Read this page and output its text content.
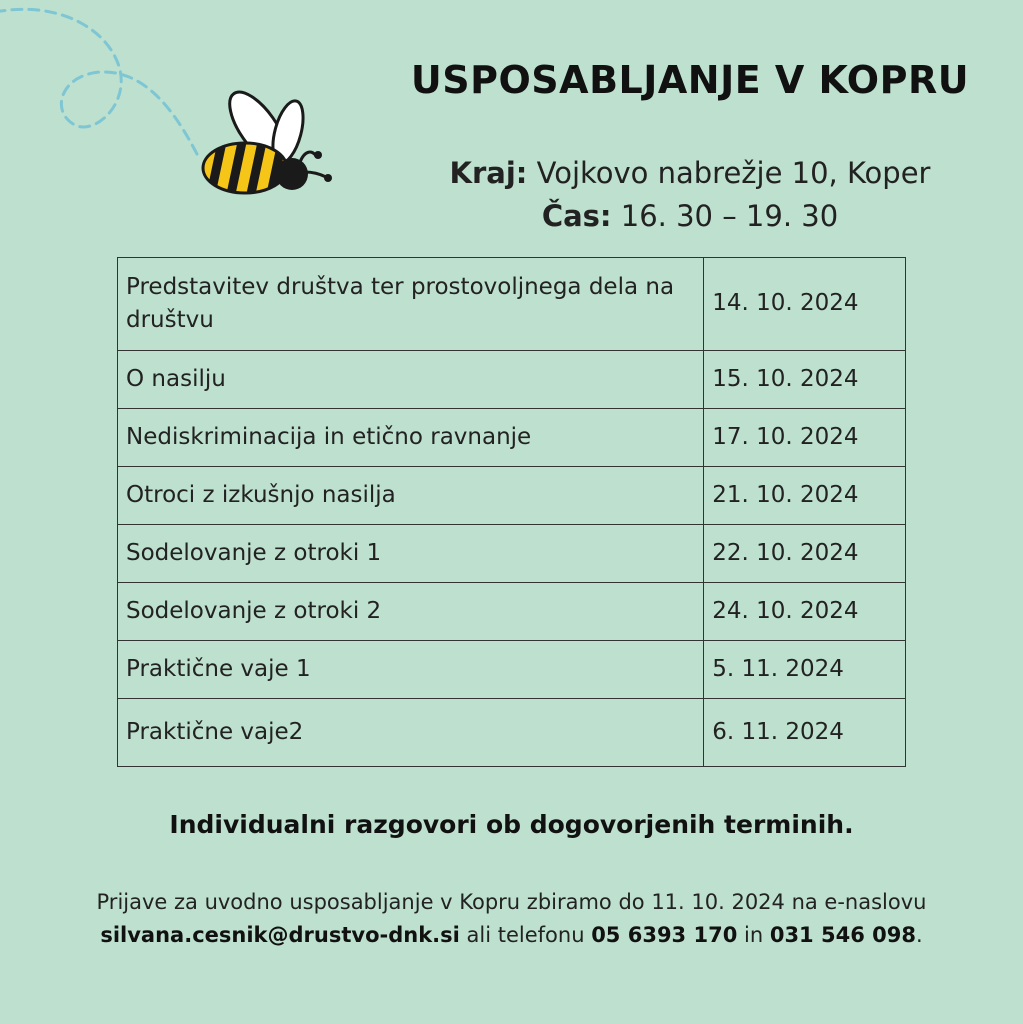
USPOSABLJANJE V KOPRU
Kraj: Vojkovo nabrežje 10, Koper
Čas: 16. 30 – 19. 30
Predstavitev društva ter prostovoljnega dela na društvu	14. 10. 2024
O nasilju	15. 10. 2024
Nediskriminacija in etično ravnanje	17. 10. 2024
Otroci z izkušnjo nasilja	21. 10. 2024
Sodelovanje z otroki 1	22. 10. 2024
Sodelovanje z otroki 2	24. 10. 2024
Praktične vaje 1	5. 11. 2024
Praktične vaje2	6. 11. 2024
Individualni razgovori ob dogovorjenih terminih.
Prijave za uvodno usposabljanje v Kopru zbiramo do 11. 10. 2024 na e-naslovu
silvana.cesnik@drustvo-dnk.si ali telefonu 05 6393 170 in 031 546 098.
